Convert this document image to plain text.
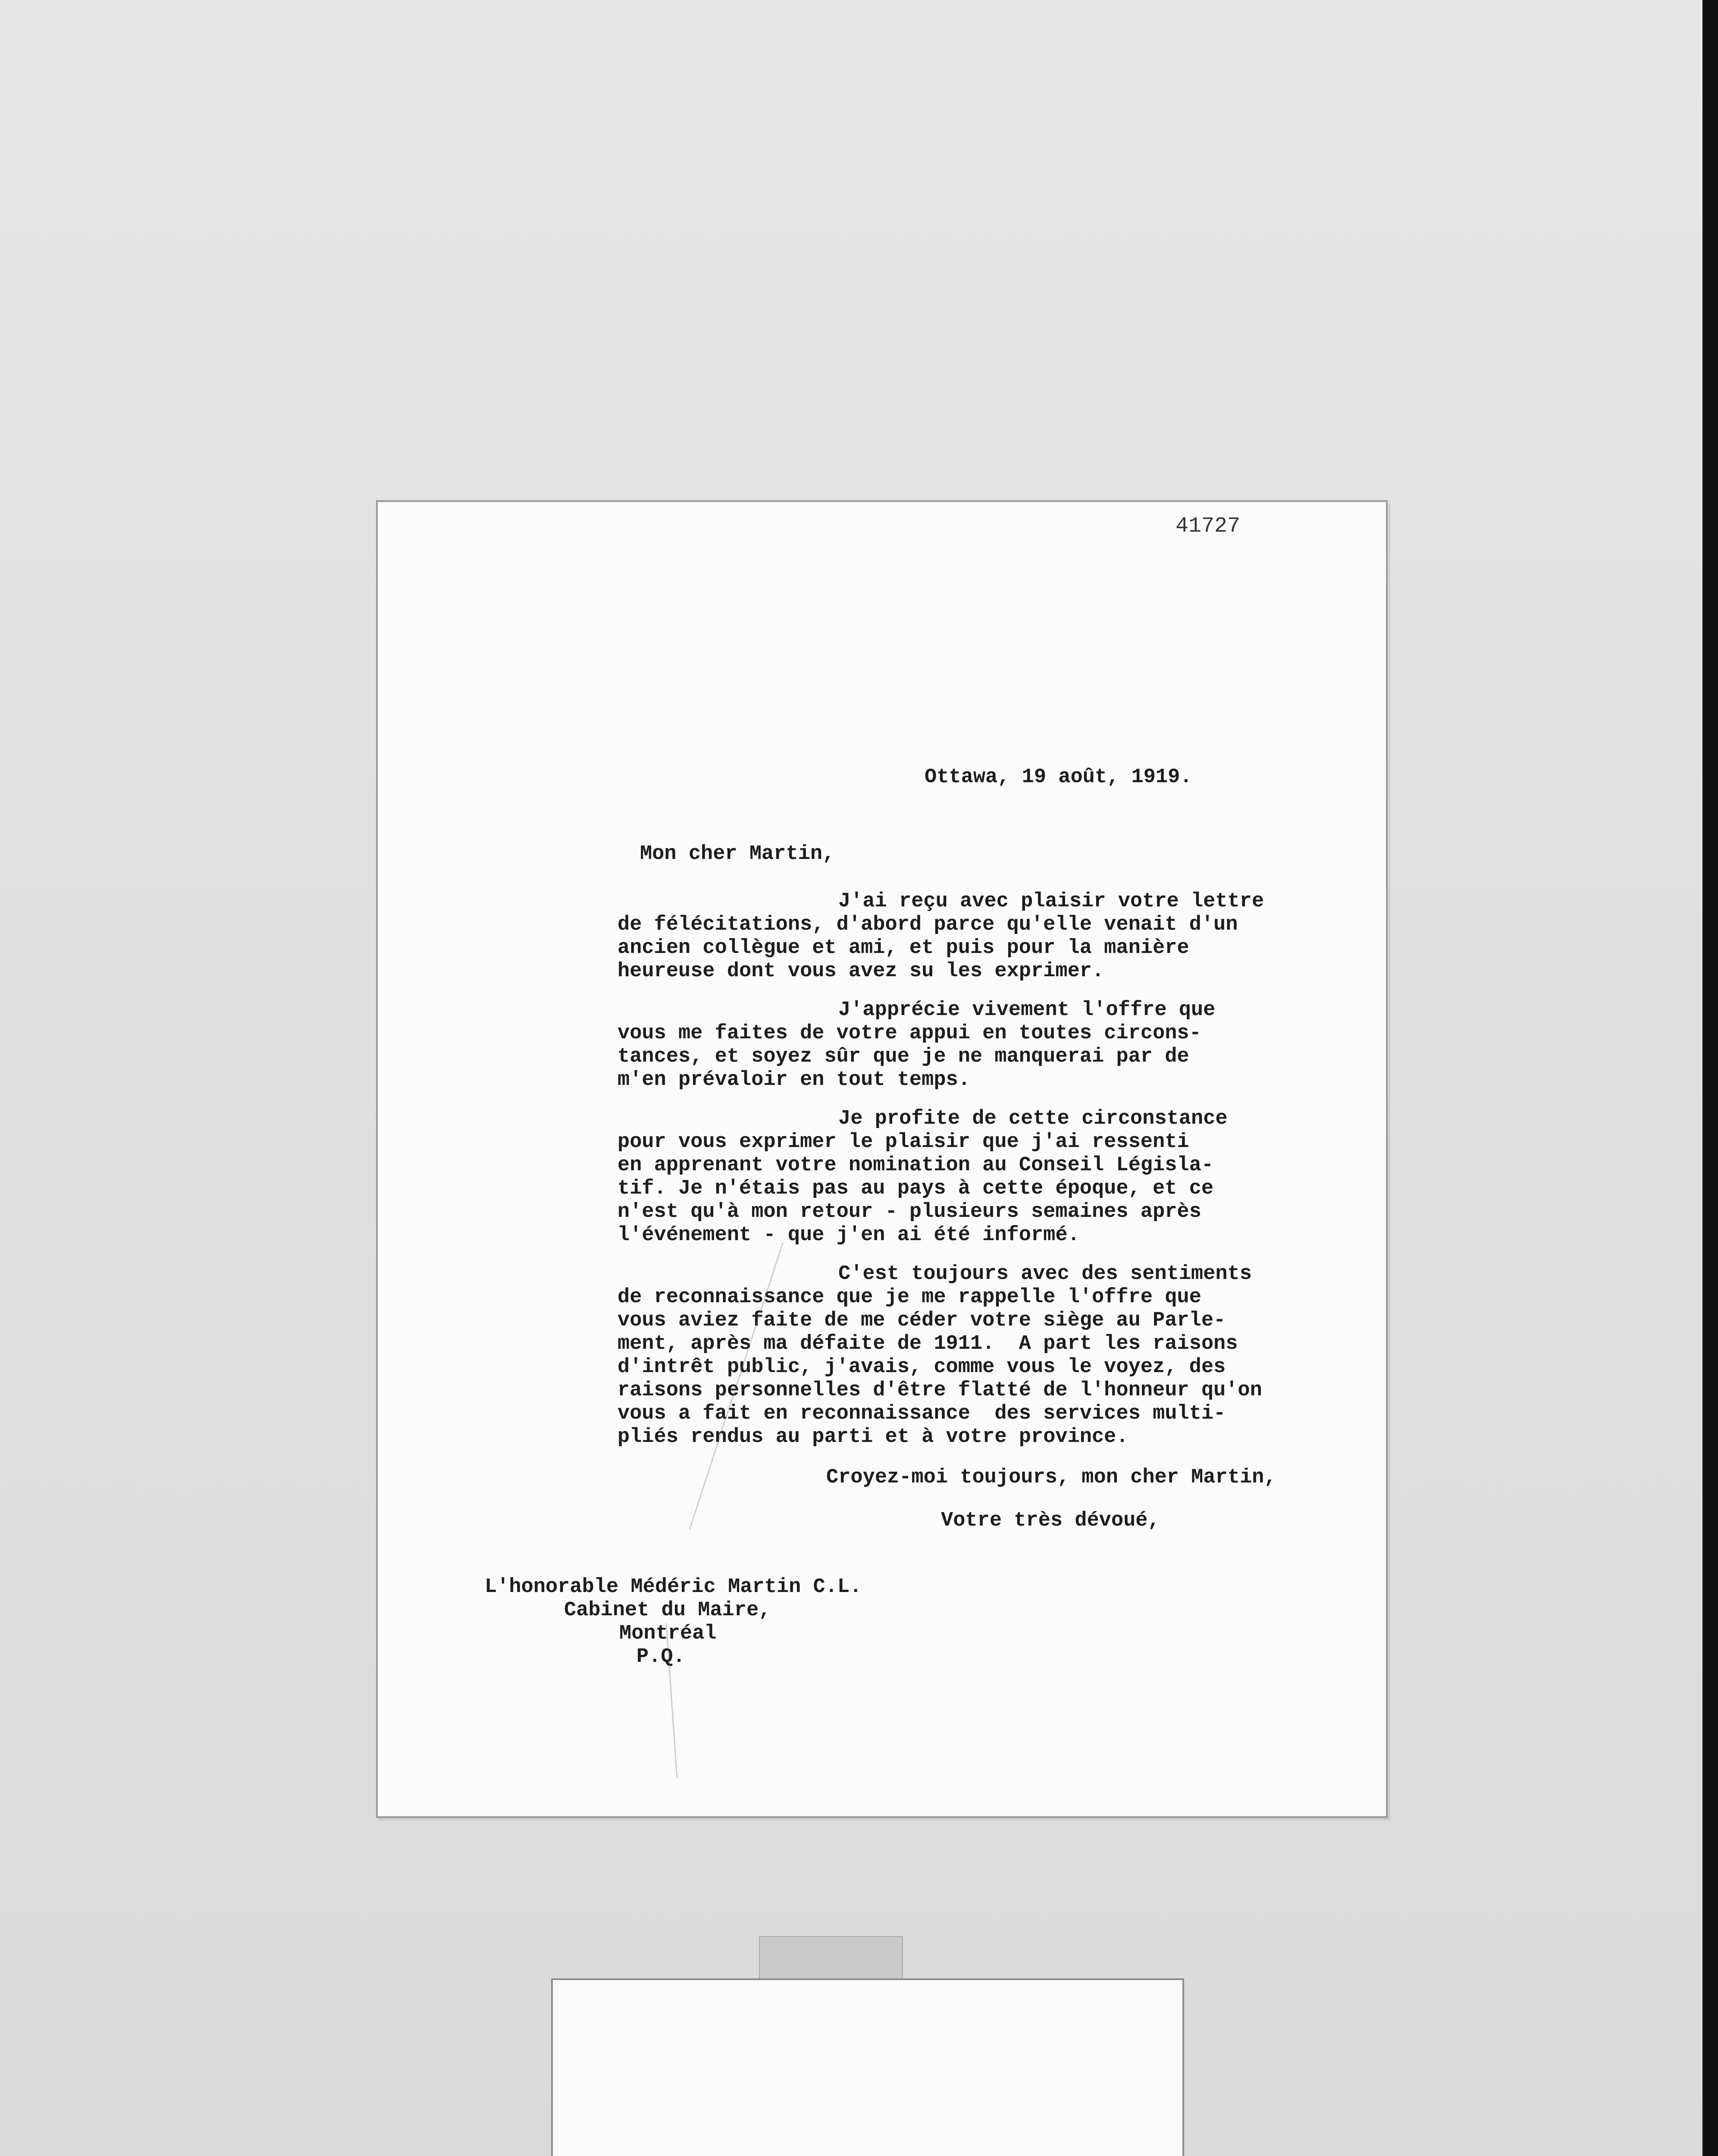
41727
Ottawa, 19 août, 1919.
Mon cher Martin,
J'ai reçu avec plaisir votre lettre
de félécitations, d'abord parce qu'elle venait d'un
ancien collègue et ami, et puis pour la manière
heureuse dont vous avez su les exprimer.
J'apprécie vivement l'offre que
vous me faites de votre appui en toutes circons-
tances, et soyez sûr que je ne manquerai par de
m'en prévaloir en tout temps.
Je profite de cette circonstance
pour vous exprimer le plaisir que j'ai ressenti
en apprenant votre nomination au Conseil Législa-
tif. Je n'étais pas au pays à cette époque, et ce
n'est qu'à mon retour - plusieurs semaines après
l'événement - que j'en ai été informé.
C'est toujours avec des sentiments
de reconnaissance que je me rappelle l'offre que
vous aviez faite de me céder votre siège au Parle-
ment, après ma défaite de 1911.  A part les raisons
d'intrêt public, j'avais, comme vous le voyez, des
raisons personnelles d'être flatté de l'honneur qu'on
vous a fait en reconnaissance  des services multi-
pliés rendus au parti et à votre province.
Croyez-moi toujours, mon cher Martin,
Votre très dévoué,
L'honorable Médéric Martin C.L.
Cabinet du Maire,
Montréal
P.Q.
